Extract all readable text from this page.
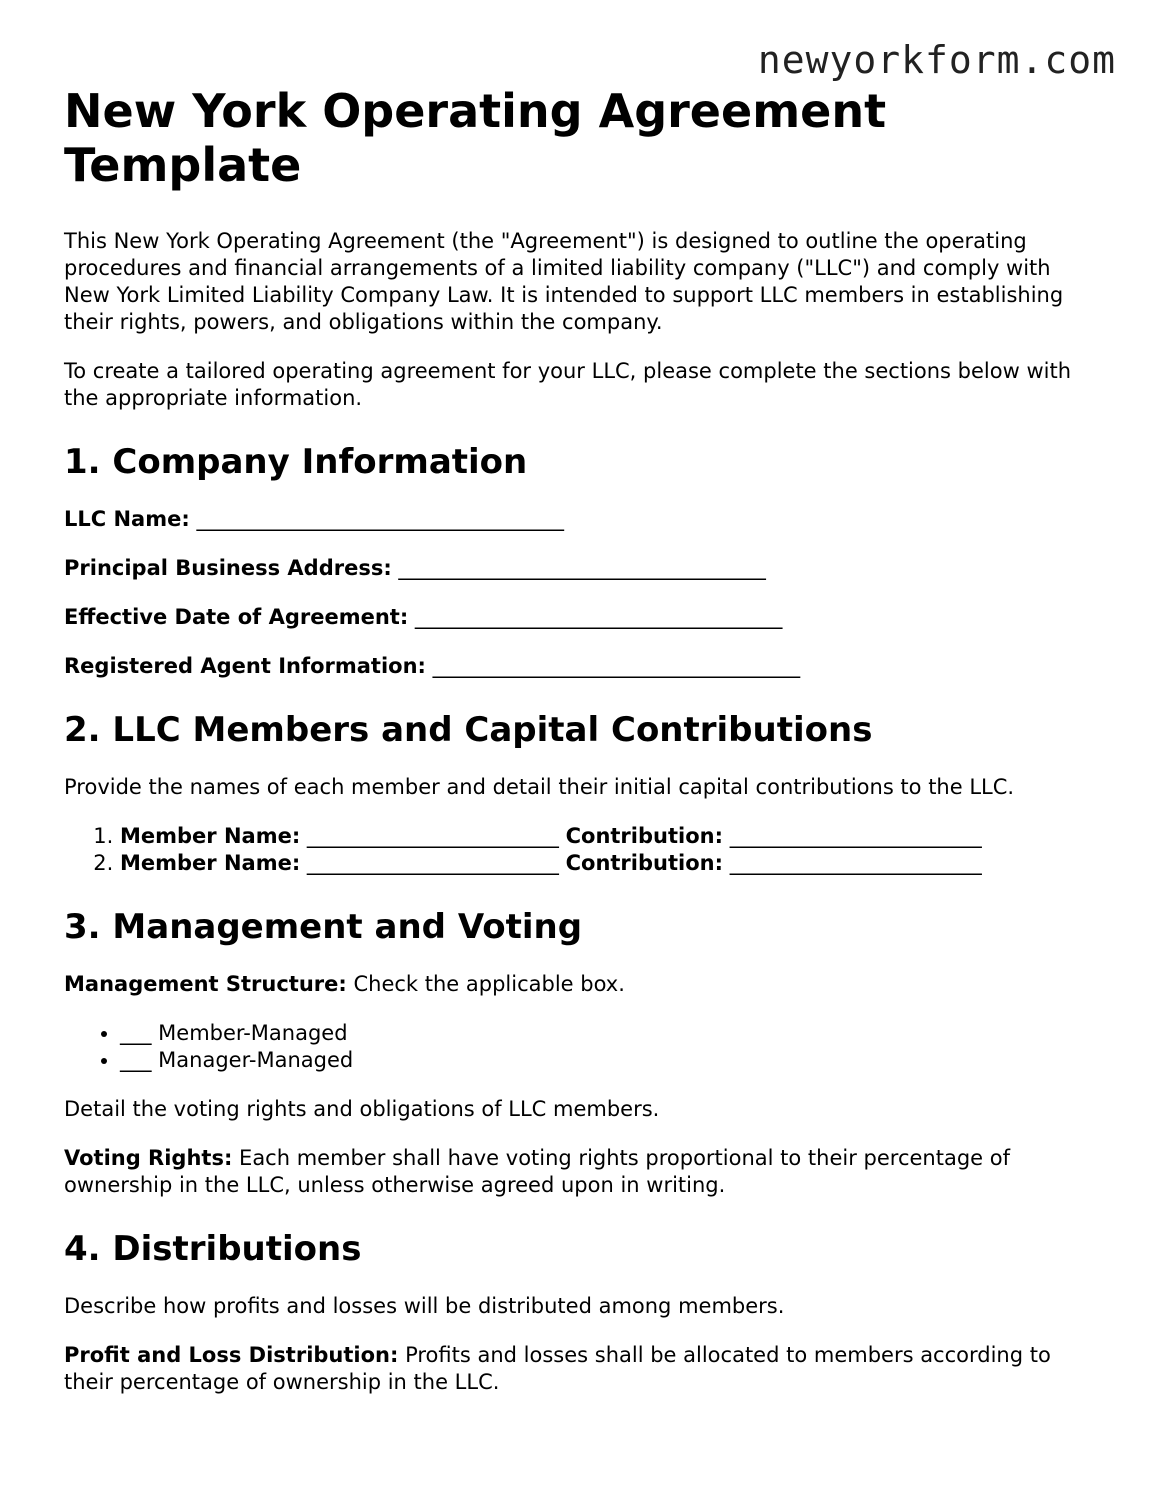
newyorkform.com
New York Operating Agreement Template

This New York Operating Agreement (the "Agreement") is designed to outline the operating procedures and financial arrangements of a limited liability company ("LLC") and comply with New York Limited Liability Company Law. It is intended to support LLC members in establishing their rights, powers, and obligations within the company.

To create a tailored operating agreement for your LLC, please complete the sections below with the appropriate information.

1. Company Information
LLC Name: ___________________________________
Principal Business Address: ___________________________________
Effective Date of Agreement: ___________________________________
Registered Agent Information: ___________________________________
2. LLC Members and Capital Contributions

Provide the names of each member and detail their initial capital contributions to the LLC.

1. Member Name: ________________________ Contribution: ________________________
2. Member Name: ________________________ Contribution: ________________________
3. Management and Voting

Management Structure: Check the applicable box.

• ___ Member-Managed
• ___ Manager-Managed

Detail the voting rights and obligations of LLC members.

Voting Rights: Each member shall have voting rights proportional to their percentage of ownership in the LLC, unless otherwise agreed upon in writing.

4. Distributions

Describe how profits and losses will be distributed among members.

Profit and Loss Distribution: Profits and losses shall be allocated to members according to their percentage of ownership in the LLC.
